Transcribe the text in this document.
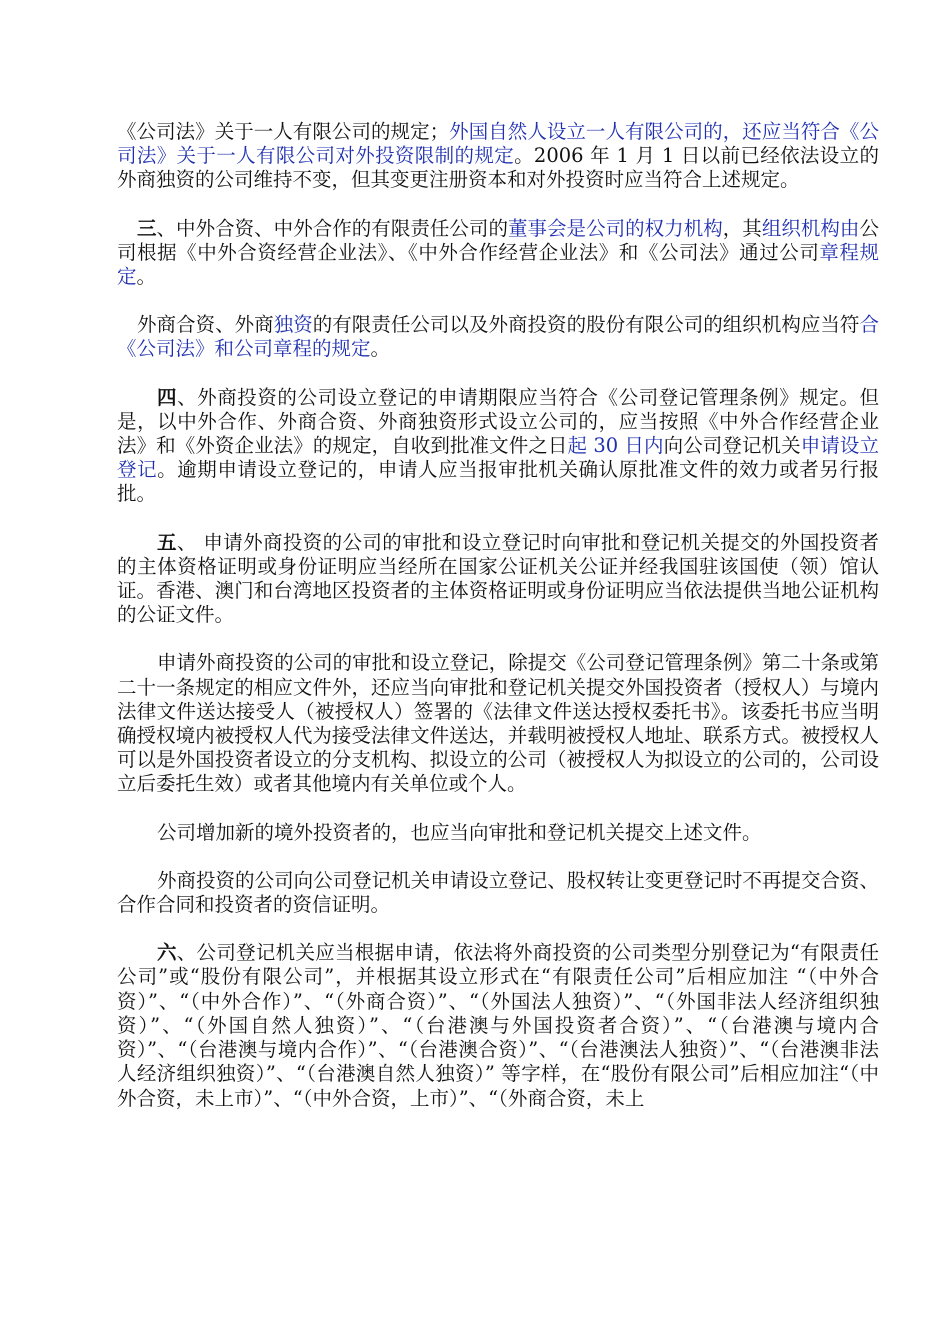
《公司法》关于一人有限公司的规定；外国自然人设立一人有限公司的，还应当符合《公司法》关于一人有限公司对外投资限制的规定。2006 年 1 月 1 日以前已经依法设立的外商独资的公司维持不变，但其变更注册资本和对外投资时应当符合上述规定。

三、中外合资、中外合作的有限责任公司的董事会是公司的权力机构，其组织机构由公司根据《中外合资经营企业法》、《中外合作经营企业法》和《公司法》通过公司章程规定。

外商合资、外商独资的有限责任公司以及外商投资的股份有限公司的组织机构应当符合《公司法》和公司章程的规定。

四、外商投资的公司设立登记的申请期限应当符合《公司登记管理条例》规定。但是，以中外合作、外商合资、外商独资形式设立公司的，应当按照《中外合作经营企业法》和《外资企业法》的规定，自收到批准文件之日起 30 日内向公司登记机关申请设立登记。逾期申请设立登记的，申请人应当报审批机关确认原批准文件的效力或者另行报批。

五、 申请外商投资的公司的审批和设立登记时向审批和登记机关提交的外国投资者的主体资格证明或身份证明应当经所在国家公证机关公证并经我国驻该国使（领）馆认证。香港、澳门和台湾地区投资者的主体资格证明或身份证明应当依法提供当地公证机构的公证文件。

申请外商投资的公司的审批和设立登记，除提交《公司登记管理条例》第二十条或第二十一条规定的相应文件外，还应当向审批和登记机关提交外国投资者（授权人）与境内法律文件送达接受人（被授权人）签署的《法律文件送达授权委托书》。该委托书应当明确授权境内被授权人代为接受法律文件送达，并载明被授权人地址、联系方式。被授权人可以是外国投资者设立的分支机构、拟设立的公司（被授权人为拟设立的公司的，公司设立后委托生效）或者其他境内有关单位或个人。

公司增加新的境外投资者的，也应当向审批和登记机关提交上述文件。

外商投资的公司向公司登记机关申请设立登记、股权转让变更登记时不再提交合资、合作合同和投资者的资信证明。

六、公司登记机关应当根据申请，依法将外商投资的公司类型分别登记为“有限责任公司”或“股份有限公司”，并根据其设立形式在“有限责任公司”后相应加注 “（中外合资）”、“（中外合作）”、“（外商合资）”、“（外国法人独资）”、“（外国非法人经济组织独资）”、“（外国自然人独资）”、“（台港澳与外国投资者合资）”、“（台港澳与境内合资）”、“（台港澳与境内合作）”、“（台港澳合资）”、“（台港澳法人独资）”、“（台港澳非法人经济组织独资）”、“（台港澳自然人独资）” 等字样，在“股份有限公司”后相应加注“（中外合资，未上市）”、“（中外合资，上市）”、“（外商合资，未上
